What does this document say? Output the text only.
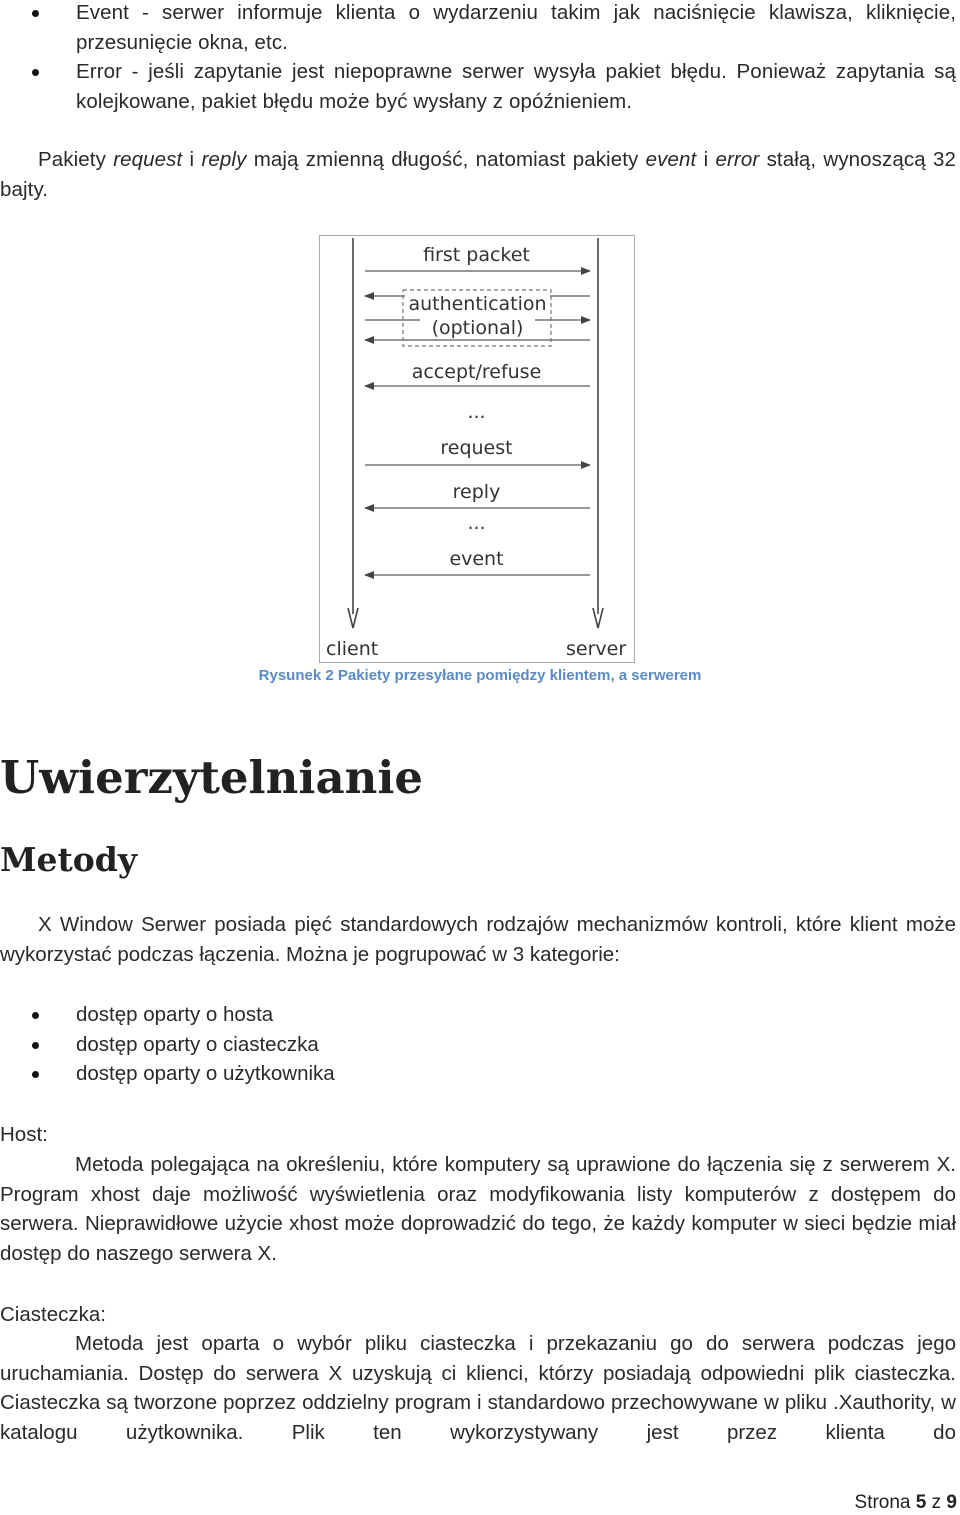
Event - serwer informuje klienta o wydarzeniu takim jak naciśnięcie klawisza, kliknięcie, przesunięcie okna, etc.
Error - jeśli zapytanie jest niepoprawne serwer wysyła pakiet błędu. Ponieważ zapytania są kolejkowane, pakiet błędu może być wysłany z opóźnieniem.
Pakiety request i reply mają zmienną długość, natomiast pakiety event i error stałą, wynoszącą 32 bajty.
first packet
authentication
(optional)
accept/refuse
...
request
reply
...
event
client	server
Rysunek 2 Pakiety przesyłane pomiędzy klientem, a serwerem
Uwierzytelnianie
Metody
X Window Serwer posiada pięć standardowych rodzajów mechanizmów kontroli, które klient może wykorzystać podczas łączenia. Można je pogrupować w 3 kategorie:
dostęp oparty o hosta
dostęp oparty o ciasteczka
dostęp oparty o użytkownika
Host:
Metoda polegająca na określeniu, które komputery są uprawione do łączenia się z serwerem X. Program xhost daje możliwość wyświetlenia oraz modyfikowania listy komputerów z dostępem do serwera. Nieprawidłowe użycie xhost może doprowadzić do tego, że każdy komputer w sieci będzie miał dostęp do naszego serwera X.
Ciasteczka:
Metoda jest oparta o wybór pliku ciasteczka i przekazaniu go do serwera podczas jego uruchamiania. Dostęp do serwera X uzyskują ci klienci, którzy posiadają odpowiedni plik ciasteczka. Ciasteczka są tworzone poprzez oddzielny program i standardowo przechowywane w pliku .Xauthority, w katalogu użytkownika. Plik ten wykorzystywany jest przez klienta do
Strona 5 z 9
